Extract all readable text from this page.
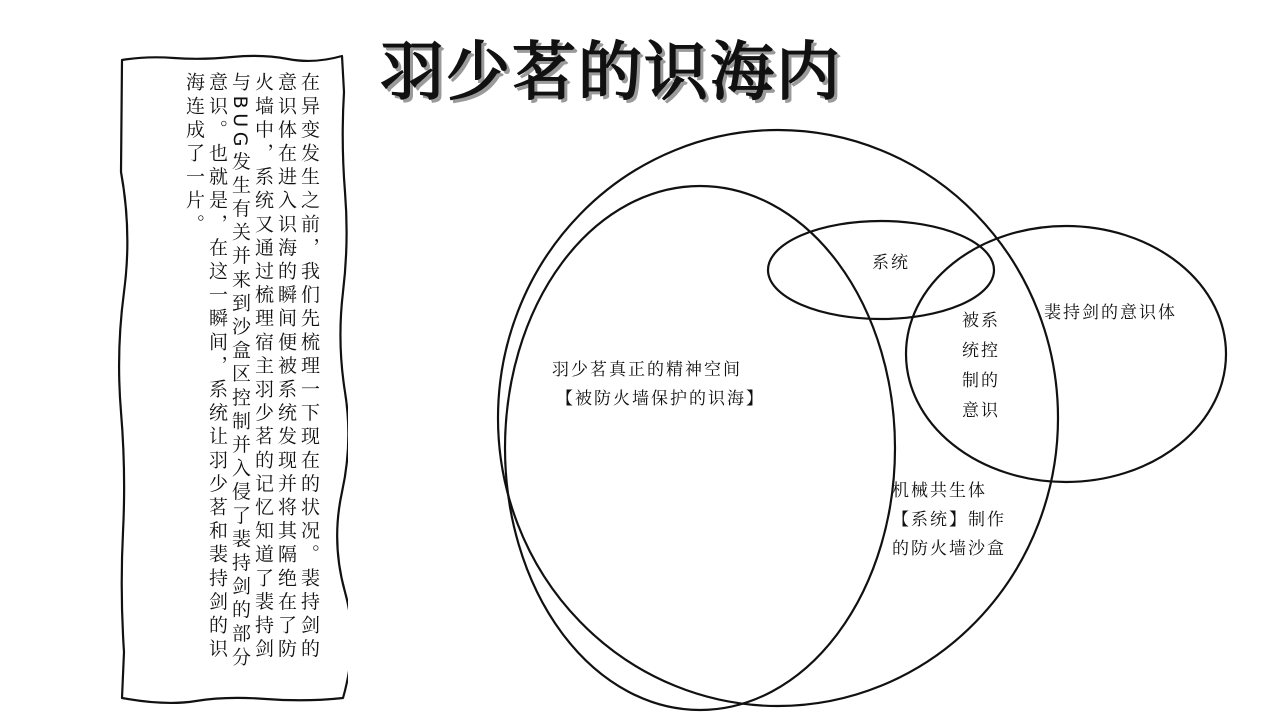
羽少茗的识海内
在异变发生之前，我们先梳理一下现在的状况。裴持剑的意识体在进入识海的瞬间便被系统发现并将其隔绝在了防火墙中，系统又通过梳理宿主羽少茗的记忆知道了裴持剑与BUG发生有关并来到沙盒区控制并入侵了裴持剑的部分意识。也就是，在这一瞬间，系统让羽少茗和裴持剑的识海连成了一片。
系统
裴持剑的意识体
被系统控制的意识
羽少茗真正的精神空间
【被防火墙保护的识海】
机械共生体【系统】制作的防火墙沙盒
